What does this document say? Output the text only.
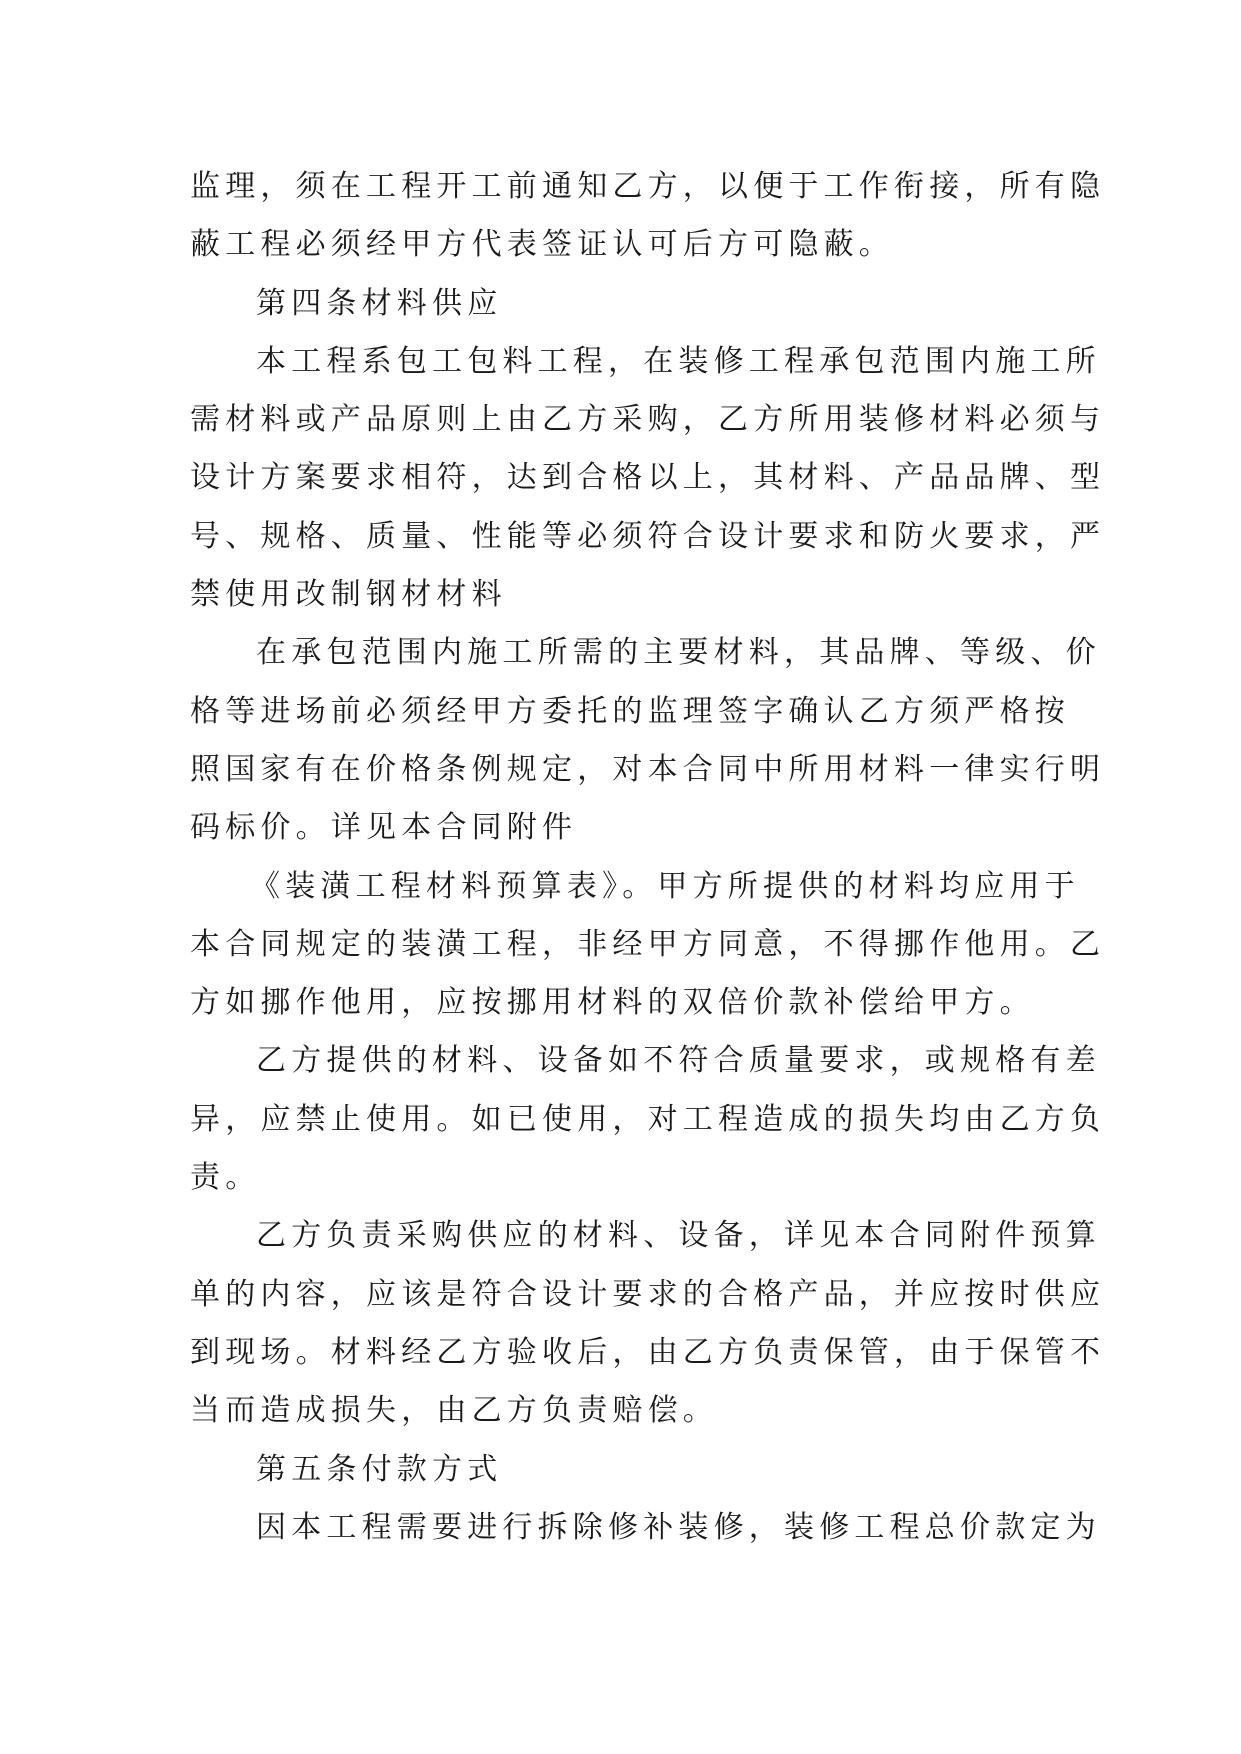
监理，须在工程开工前通知乙方，以便于工作衔接，所有隐
蔽工程必须经甲方代表签证认可后方可隐蔽。
第四条材料供应
本工程系包工包料工程，在装修工程承包范围内施工所
需材料或产品原则上由乙方采购，乙方所用装修材料必须与
设计方案要求相符，达到合格以上，其材料、产品品牌、型
号、规格、质量、性能等必须符合设计要求和防火要求，严
禁使用改制钢材材料
在承包范围内施工所需的主要材料，其品牌、等级、价
格等进场前必须经甲方委托的监理签字确认乙方须严格按
照国家有在价格条例规定，对本合同中所用材料一律实行明
码标价。详见本合同附件
《装潢工程材料预算表》。甲方所提供的材料均应用于
本合同规定的装潢工程，非经甲方同意，不得挪作他用。乙
方如挪作他用，应按挪用材料的双倍价款补偿给甲方。
乙方提供的材料、设备如不符合质量要求，或规格有差
异，应禁止使用。如已使用，对工程造成的损失均由乙方负
责。
乙方负责采购供应的材料、设备，详见本合同附件预算
单的内容，应该是符合设计要求的合格产品，并应按时供应
到现场。材料经乙方验收后，由乙方负责保管，由于保管不
当而造成损失，由乙方负责赔偿。
第五条付款方式
因本工程需要进行拆除修补装修，装修工程总价款定为
